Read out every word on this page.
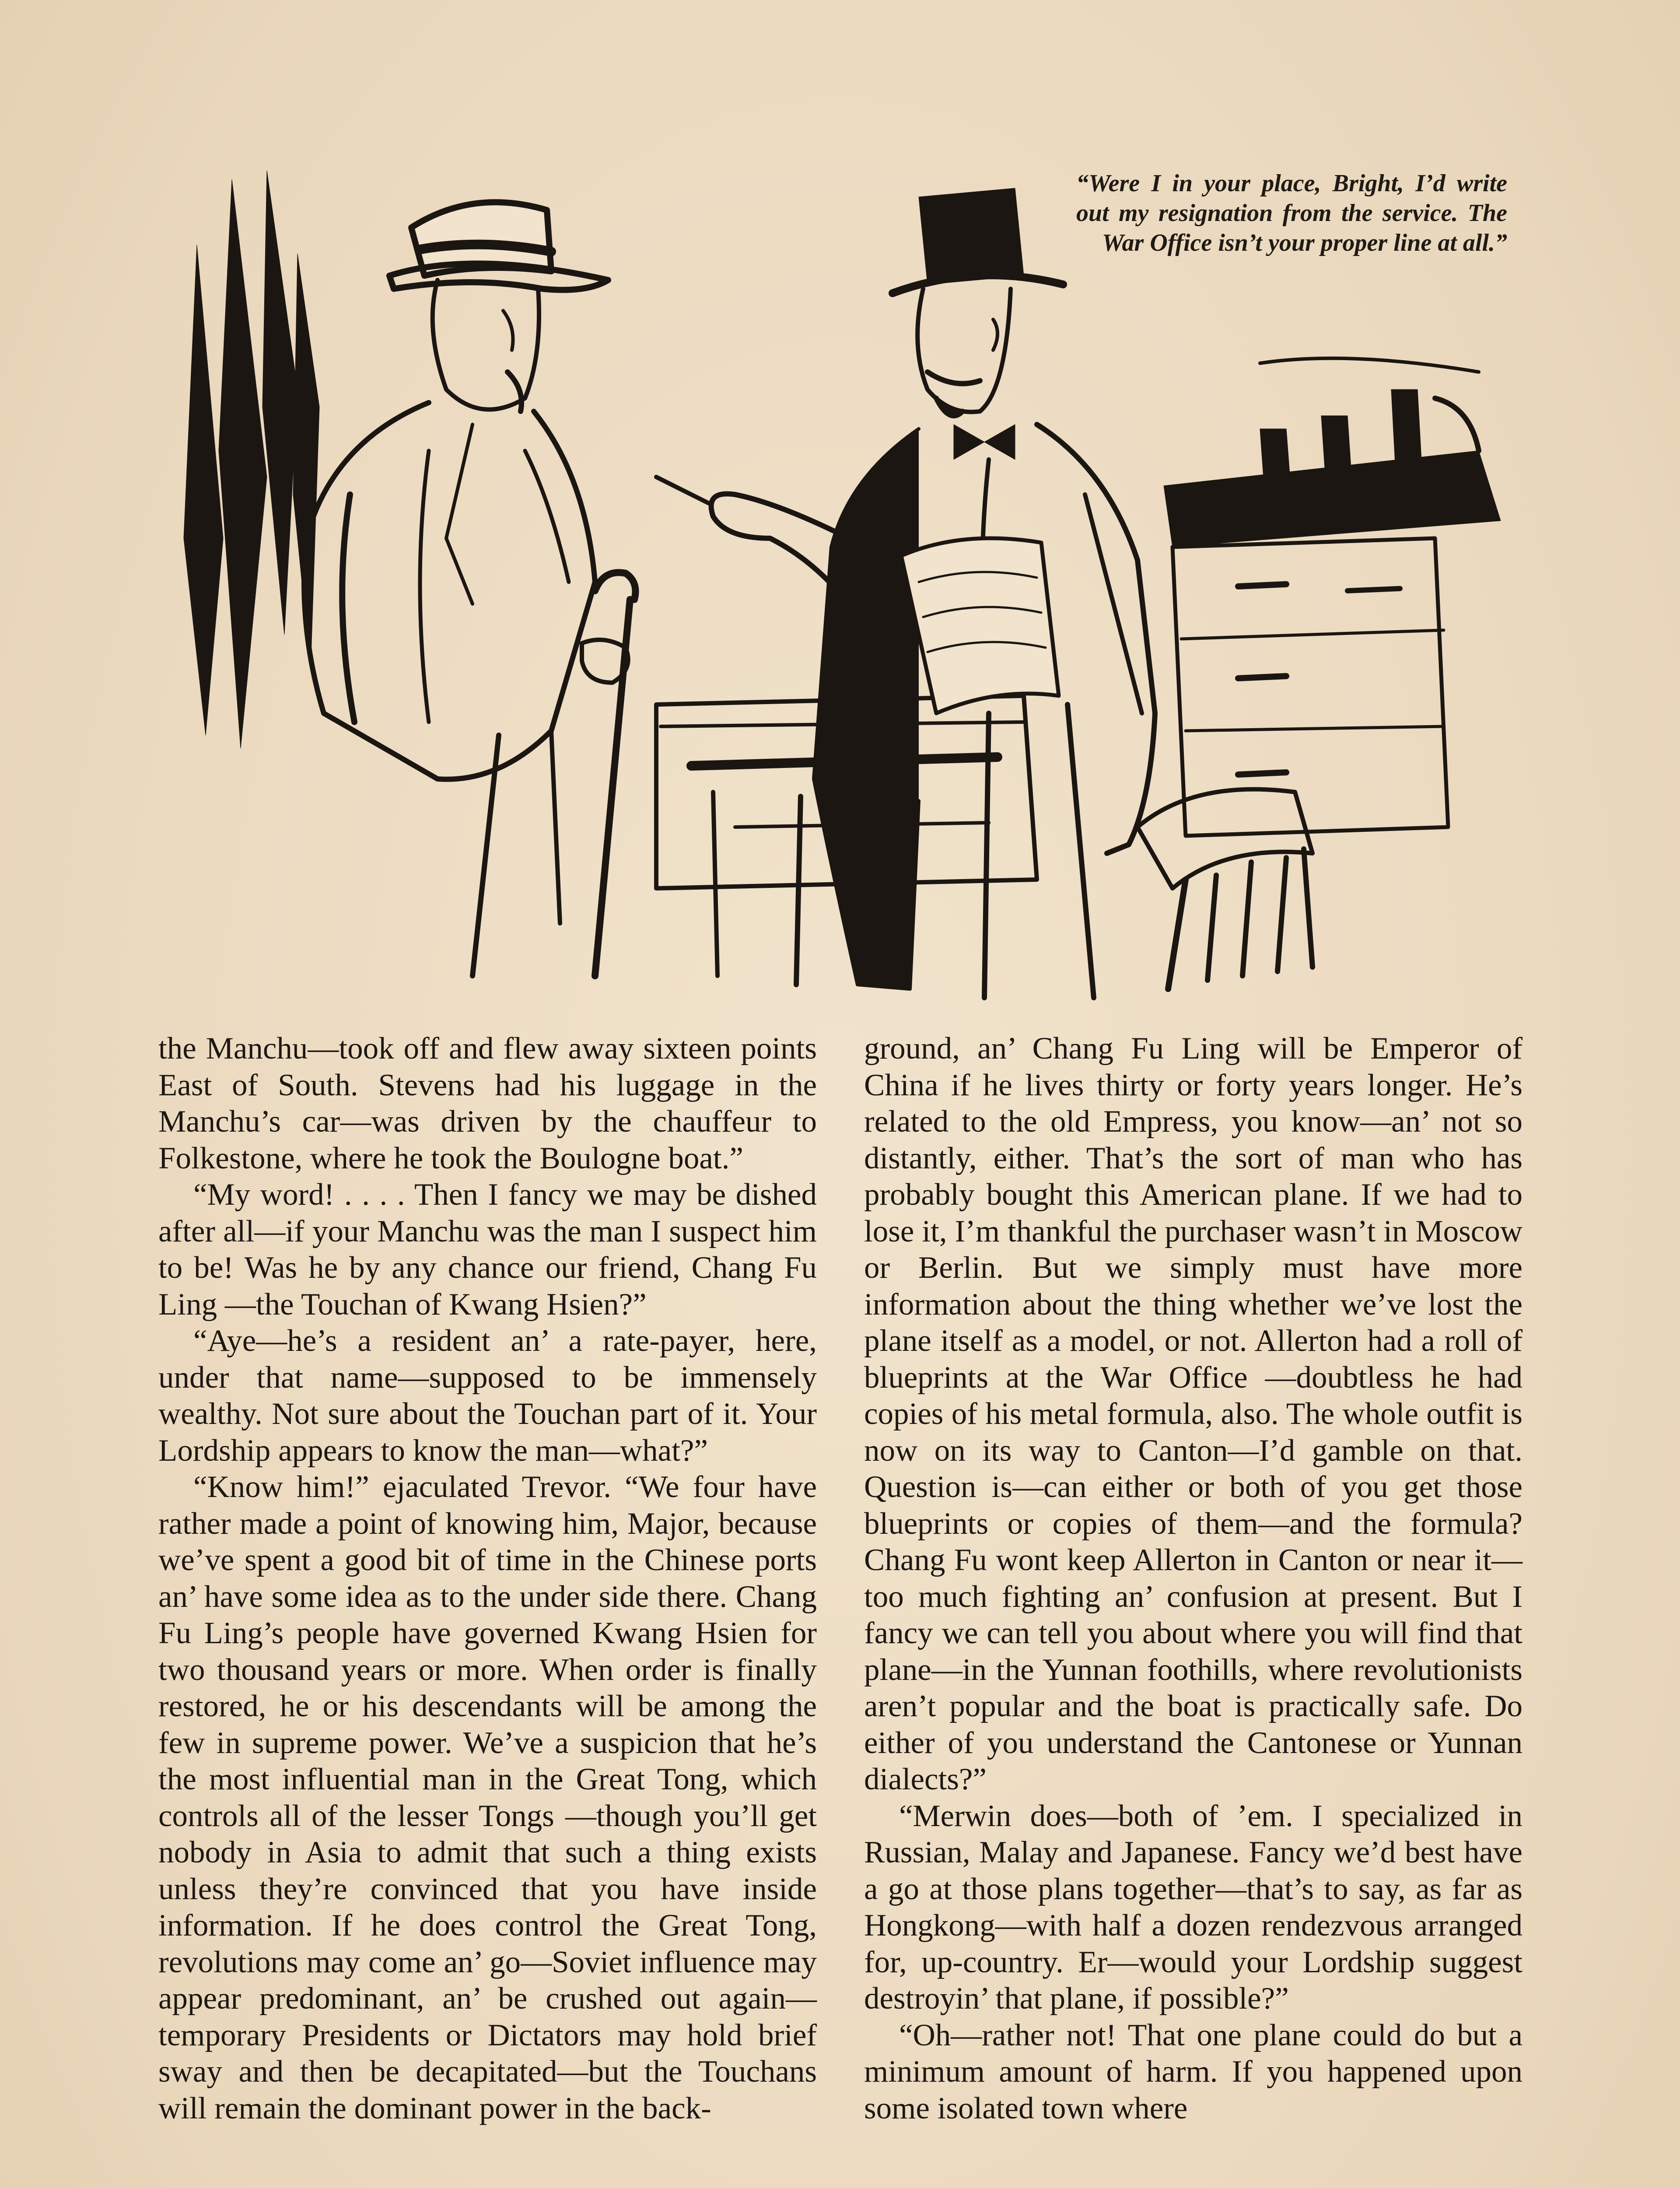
“Were I in your place, Bright, I’d write out my resignation from the service. The War Office isn’t your proper line at all.”

the Manchu—took off and flew away sixteen points East of South. Stevens had his luggage in the Manchu’s car—was driven by the chauffeur to Folkestone, where he took the Boulogne boat.”

“My word! . . . . Then I fancy we may be dished after all—if your Manchu was the man I suspect him to be! Was he by any chance our friend, Chang Fu Ling —the Touchan of Kwang Hsien?”

“Aye—he’s a resident an’ a rate-payer, here, under that name—supposed to be immensely wealthy. Not sure about the Touchan part of it. Your Lordship appears to know the man—what?”

“Know him!” ejaculated Trevor. “We four have rather made a point of knowing him, Major, because we’ve spent a good bit of time in the Chinese ports an’ have some idea as to the under side there. Chang Fu Ling’s people have governed Kwang Hsien for two thousand years or more. When order is finally restored, he or his descendants will be among the few in supreme power. We’ve a suspicion that he’s the most influential man in the Great Tong, which controls all of the lesser Tongs —though you’ll get nobody in Asia to admit that such a thing exists unless they’re convinced that you have inside information. If he does control the Great Tong, revolutions may come an’ go—Soviet influence may appear predominant, an’ be crushed out again—temporary Presidents or Dictators may hold brief sway and then be decapitated—but the Touchans will remain the dominant power in the back-

ground, an’ Chang Fu Ling will be Emperor of China if he lives thirty or forty years longer. He’s related to the old Empress, you know—an’ not so distantly, either. That’s the sort of man who has probably bought this American plane. If we had to lose it, I’m thankful the purchaser wasn’t in Moscow or Berlin. But we simply must have more information about the thing whether we’ve lost the plane itself as a model, or not. Allerton had a roll of blueprints at the War Office —doubtless he had copies of his metal formula, also. The whole outfit is now on its way to Canton—I’d gamble on that. Question is—can either or both of you get those blueprints or copies of them—and the formula? Chang Fu wont keep Allerton in Canton or near it—too much fighting an’ confusion at present. But I fancy we can tell you about where you will find that plane—in the Yunnan foothills, where revolutionists aren’t popular and the boat is practically safe. Do either of you understand the Cantonese or Yunnan dialects?”

“Merwin does—both of ’em. I specialized in Russian, Malay and Japanese. Fancy we’d best have a go at those plans together—that’s to say, as far as Hongkong—with half a dozen rendezvous arranged for, up-country. Er—would your Lordship suggest destroyin’ that plane, if possible?”

“Oh—rather not! That one plane could do but a minimum amount of harm. If you happened upon some isolated town where
